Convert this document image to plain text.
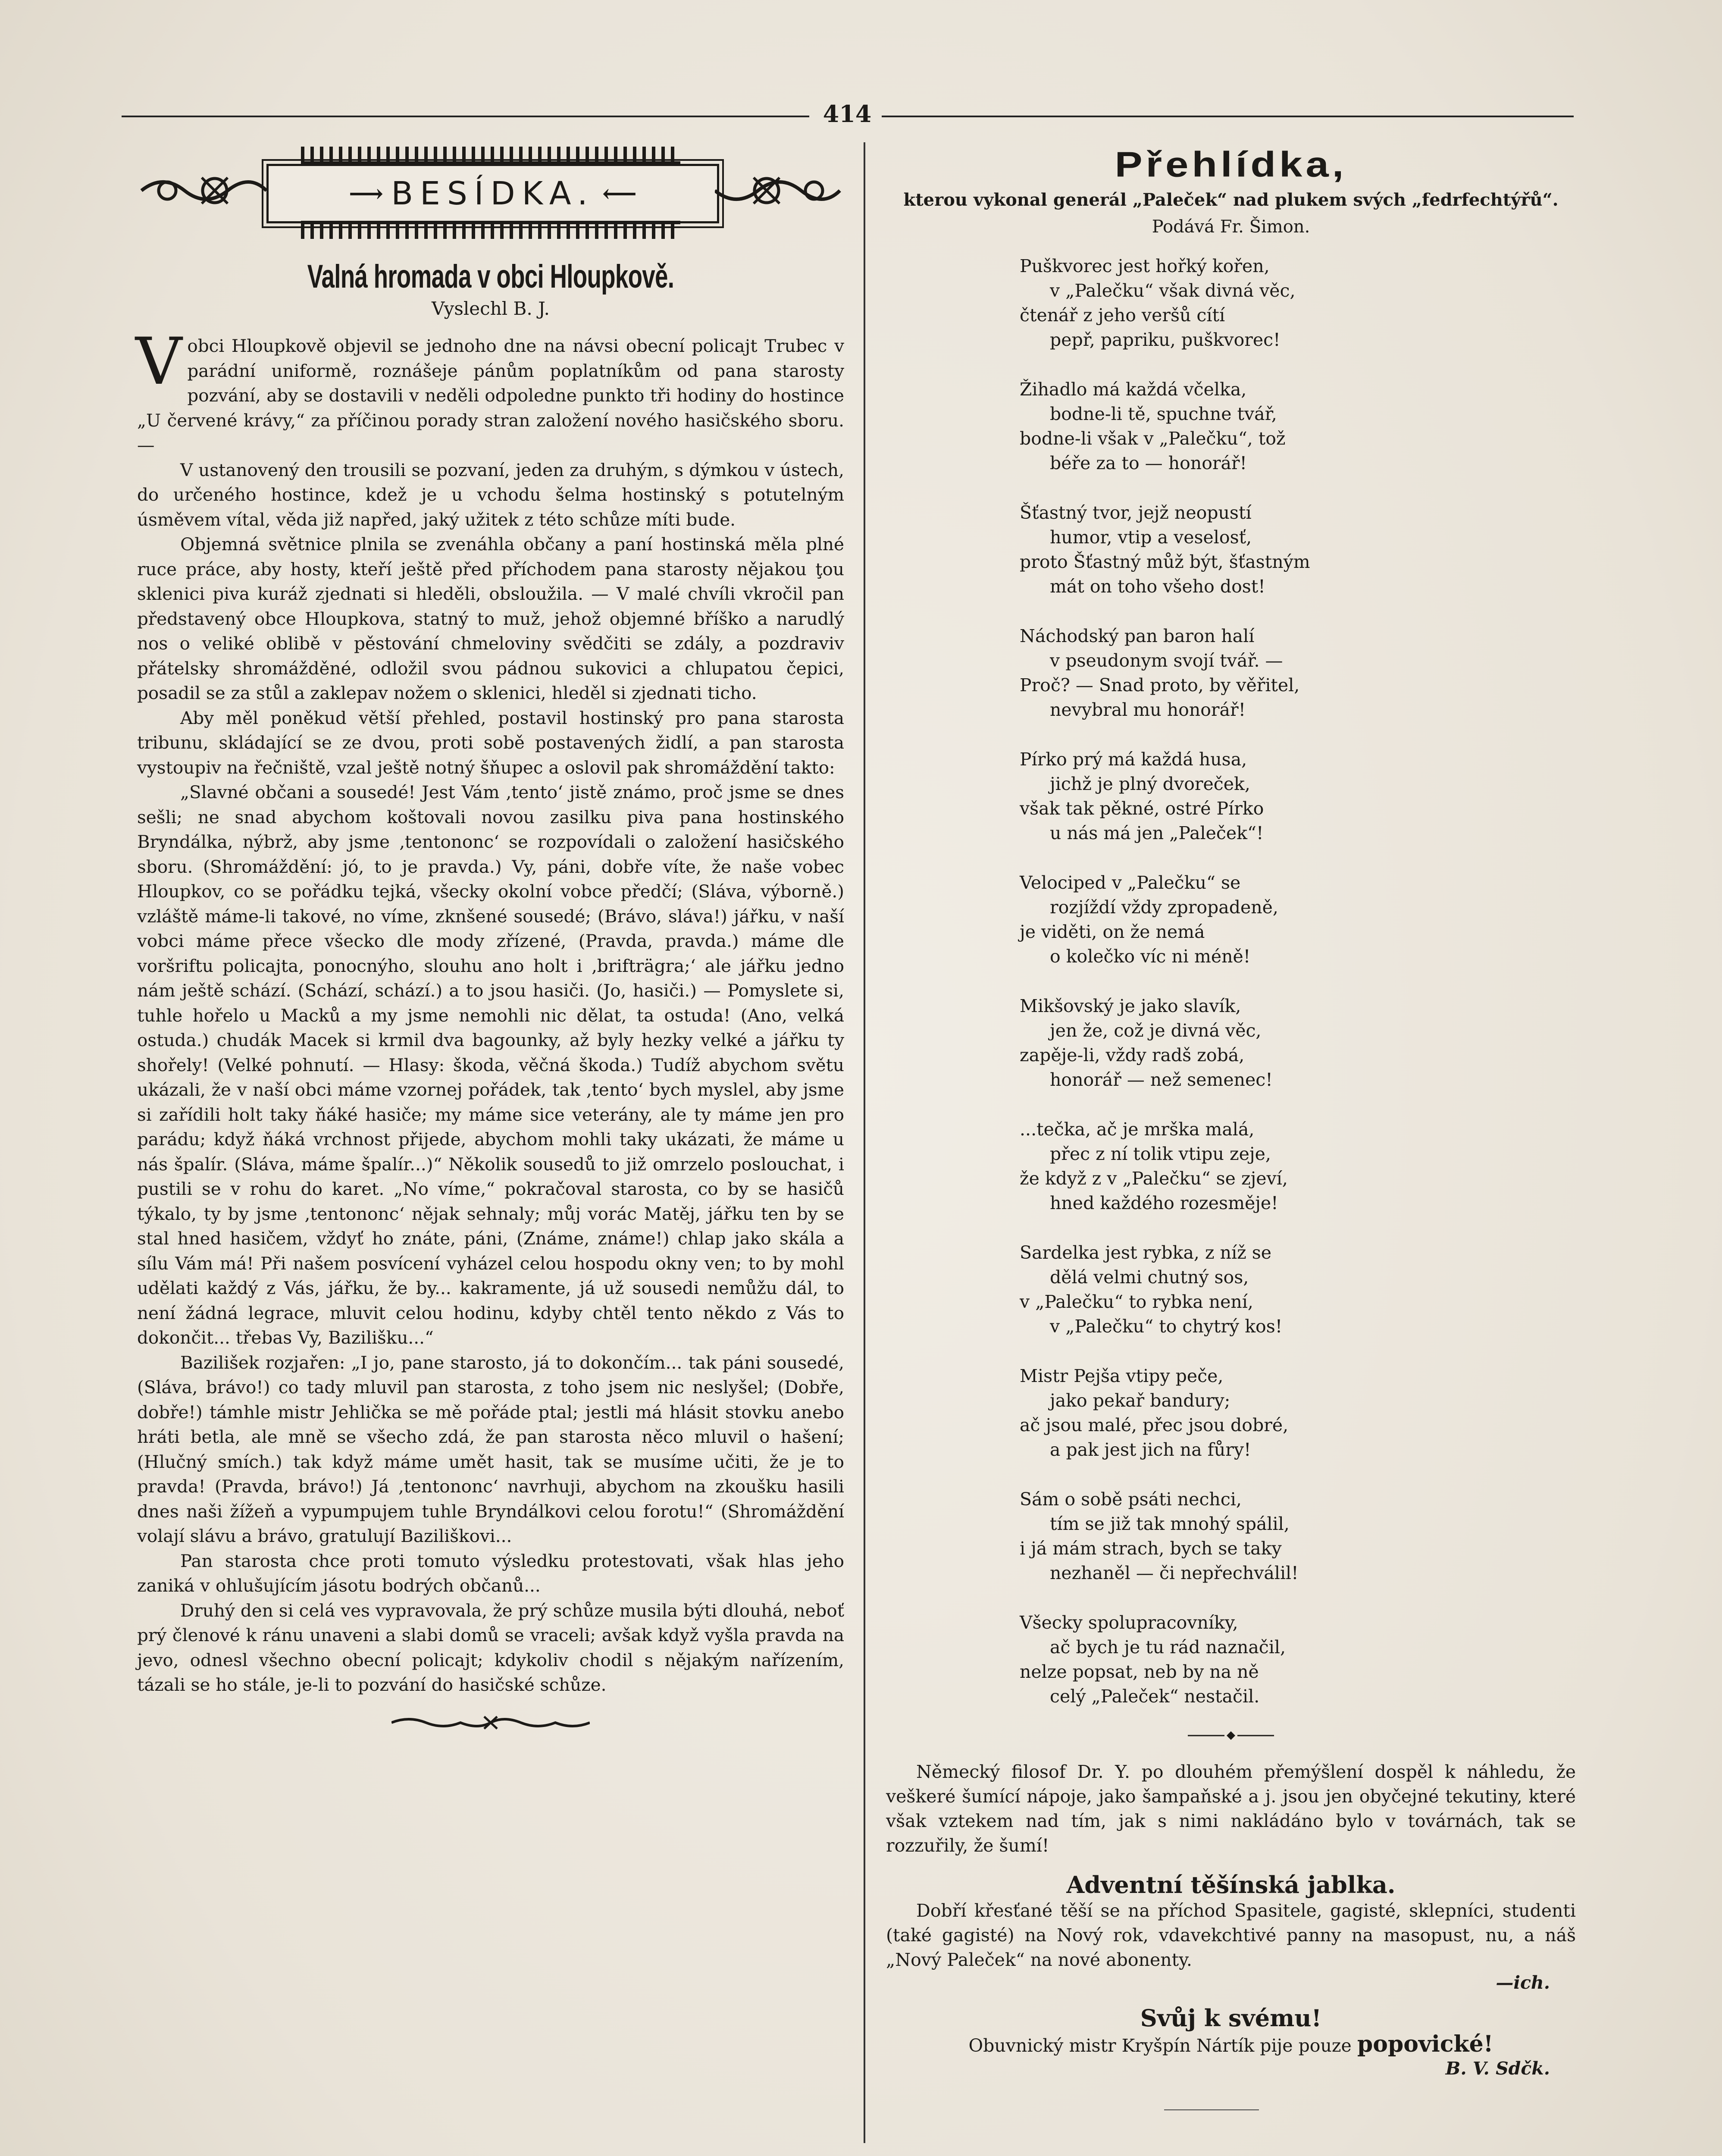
414
⟶ BESÍDKA. ⟵
Valná hromada v obci Hloupkově.
Vyslechl B. J.

Vobci Hloupkově objevil se jednoho dne na návsi obecní policajt Trubec v parádní uniformě, roznášeje pánům poplatníkům od pana starosty pozvání, aby se dostavili v neděli odpoledne punkto tři hodiny do hostince „U červené krávy,“ za příčinou porady stran založení nového hasičského sboru. —

V ustanovený den trousili se pozvaní, jeden za druhým, s dýmkou v ústech, do určeného hostince, kdež je u vchodu šelma hostinský s potutelným úsměvem vítal, věda již napřed, jaký užitek z této schůze míti bude.

Objemná světnice plnila se zvenáhla občany a paní hostinská měla plné ruce práce, aby hosty, kteří ještě před příchodem pana starosty nějakou ţou sklenici piva kuráž zjednati si hleděli, obsloužila. — V malé chvíli vkročil pan představený obce Hloupkova, statný to muž, jehož objemné bříško a narudlý nos o veliké oblibě v pěstování chmeloviny svědčiti se zdály, a pozdraviv přátelsky shromážděné, odložil svou pádnou sukovici a chlupatou čepici, posadil se za stůl a zaklepav nožem o sklenici, hleděl si zjednati ticho.

Aby měl poněkud větší přehled, postavil hostinský pro pana starosta tribunu, skládající se ze dvou, proti sobě postavených židlí, a pan starosta vystoupiv na řečniště, vzal ještě notný šňupec a oslovil pak shromáždění takto:

„Slavné občani a sousedé! Jest Vám ‚tento‘ jistě známo, proč jsme se dnes sešli; ne snad abychom koštovali novou zasilku piva pana hostinského Bryndálka, nýbrž, aby jsme ‚tentononc‘ se rozpovídali o založení hasičského sboru. (Shromáždění: jó, to je pravda.) Vy, páni, dobře víte, že naše vobec Hloupkov, co se pořádku tejká, všecky okolní vobce předčí; (Sláva, výborně.) vzláště máme-li takové, no víme, zknšené sousedé; (Brávo, sláva!) jářku, v naší vobci máme přece všecko dle mody zřízené, (Pravda, pravda.) máme dle voršriftu policajta, ponocnýho, slouhu ano holt i ‚brifträgra;‘ ale jářku jedno nám ještě schází. (Schází, schází.) a to jsou hasiči. (Jo, hasiči.) — Pomyslete si, tuhle hořelo u Macků a my jsme nemohli nic dělat, ta ostuda! (Ano, velká ostuda.) chudák Macek si krmil dva bagounky, až byly hezky velké a jářku ty shořely! (Velké pohnutí. — Hlasy: škoda, věčná škoda.) Tudíž abychom světu ukázali, že v naší obci máme vzornej pořádek, tak ‚tento‘ bych myslel, aby jsme si zařídili holt taky ňáké hasiče; my máme sice veterány, ale ty máme jen pro parádu; když ňáká vrchnost přijede, abychom mohli taky ukázati, že máme u nás špalír. (Sláva, máme špalír...)“ Několik sousedů to již omrzelo poslouchat, i pustili se v rohu do karet. „No víme,“ pokračoval starosta, co by se hasičů týkalo, ty by jsme ‚tentononc‘ nějak sehnaly; můj vorác Matěj, jářku ten by se stal hned hasičem, vždyť ho znáte, páni, (Známe, známe!) chlap jako skála a sílu Vám má! Při našem posvícení vyházel celou hospodu okny ven; to by mohl udělati každý z Vás, jářku, že by... kakramente, já už sousedi nemůžu dál, to není žádná legrace, mluvit celou hodinu, kdyby chtěl tento někdo z Vás to dokončit... třebas Vy, Bazilišku...“

Bazilišek rozjařen: „I jo, pane starosto, já to dokončím... tak páni sousedé, (Sláva, brávo!) co tady mluvil pan starosta, z toho jsem nic neslyšel; (Dobře, dobře!) támhle mistr Jehlička se mě pořáde ptal; jestli má hlásit stovku anebo hráti betla, ale mně se všecho zdá, že pan starosta něco mluvil o hašení; (Hlučný smích.) tak když máme umět hasit, tak se musíme učiti, že je to pravda! (Pravda, brávo!) Já ‚tentononc‘ navrhuji, abychom na zkoušku hasili dnes naši žížeň a vypumpujem tuhle Bryndálkovi celou forotu!“ (Shromáždění volají slávu a brávo, gratulují Baziliškovi...

Pan starosta chce proti tomuto výsledku protestovati, však hlas jeho zaniká v ohlušujícím jásotu bodrých občanů...

Druhý den si celá ves vypravovala, že prý schůze musila býti dlouhá, neboť prý členové k ránu unaveni a slabi domů se vraceli; avšak když vyšla pravda na jevo, odnesl všechno obecní policajt; kdykoliv chodil s nějakým nařízením, tázali se ho stále, je-li to pozvání do hasičské schůze.

Přehlídka,
kterou vykonal generál „Paleček“ nad plukem svých „fedrfechtýřů“.
Podává Fr. Šimon.
Puškvorec jest hořký kořen,
v „Palečku“ však divná věc,
čtenář z jeho veršů cítí
pepř, papriku, puškvorec!
Žihadlo má každá včelka,
bodne-li tě, spuchne tvář,
bodne-li však v „Palečku“, tož
béře za to — honorář!
Šťastný tvor, jejž neopustí
humor, vtip a veselosť,
proto Šťastný můž být, šťastným
mát on toho všeho dost!
Náchodský pan baron halí
v pseudonym svojí tvář. —
Proč? — Snad proto, by věřitel,
nevybral mu honorář!
Pírko prý má každá husa,
jichž je plný dvoreček,
však tak pěkné, ostré Pírko
u nás má jen „Paleček“!
Velociped v „Palečku“ se
rozjíždí vždy zpropadeně,
je viděti, on že nemá
o kolečko víc ni méně!
Mikšovský je jako slavík,
jen že, což je divná věc,
zapěje-li, vždy radš zobá,
honorář — než semenec!
...tečka, ač je mrška malá,
přec z ní tolik vtipu zeje,
že když z v „Palečku“ se zjeví,
hned každého rozesměje!
Sardelka jest rybka, z níž se
dělá velmi chutný sos,
v „Palečku“ to rybka není,
v „Palečku“ to chytrý kos!
Mistr Pejša vtipy peče,
jako pekař bandury;
ač jsou malé, přec jsou dobré,
a pak jest jich na fůry!
Sám o sobě psáti nechci,
tím se již tak mnohý spálil,
i já mám strach, bych se taky
nezhaněl — či nepřechválil!
Všecky spolupracovníky,
ač bych je tu rád naznačil,
nelze popsat, neb by na ně
celý „Paleček“ nestačil.

Německý filosof Dr. Y. po dlouhém přemýšlení dospěl k náhledu, že veškeré šumící nápoje, jako šampaňské a j. jsou jen obyčejné tekutiny, které však vztekem nad tím, jak s nimi nakládáno bylo v továrnách, tak se rozzuřily, že šumí!

Adventní těšínská jablka.

Dobří křesťané těší se na příchod Spasitele, gagisté, sklepníci, studenti (také gagisté) na Nový rok, vdavekchtivé panny na masopust, nu, a náš „Nový Paleček“ na nové abonenty.

—ich.
Svůj k svému!
Obuvnický mistr Kryšpín Nártík pije pouze popovické!
B. V. Sdčk.
